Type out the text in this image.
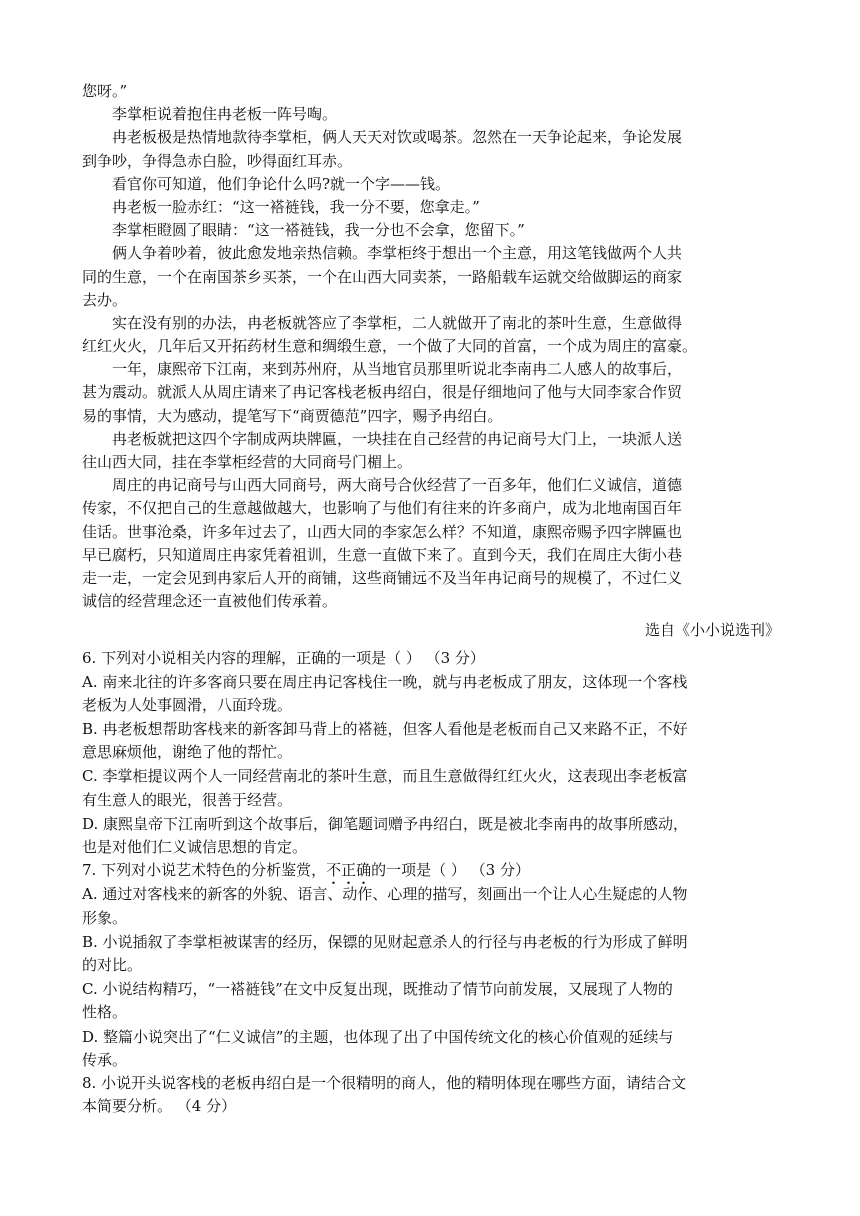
您呀。”
李掌柜说着抱住冉老板一阵号啕。
冉老板极是热情地款待李掌柜，俩人天天对饮或喝茶。忽然在一天争论起来，争论发展
到争吵，争得急赤白脸，吵得面红耳赤。
看官你可知道，他们争论什么吗?就一个字——钱。
冉老板一脸赤红：“这一褡裢钱，我一分不要，您拿走。”
李掌柜瞪圆了眼睛：“这一褡裢钱，我一分也不会拿，您留下。”
俩人争着吵着，彼此愈发地亲热信赖。李掌柜终于想出一个主意，用这笔钱做两个人共
同的生意，一个在南国茶乡买茶，一个在山西大同卖茶，一路船载车运就交给做脚运的商家
去办。
实在没有别的办法，冉老板就答应了李掌柜，二人就做开了南北的茶叶生意，生意做得
红红火火，几年后又开拓药材生意和绸缎生意，一个做了大同的首富，一个成为周庄的富豪。
一年，康熙帝下江南，来到苏州府，从当地官员那里听说北李南冉二人感人的故事后，
甚为震动。就派人从周庄请来了冉记客栈老板冉绍白，很是仔细地问了他与大同李家合作贸
易的事情，大为感动，提笔写下“商贾德范”四字，赐予冉绍白。
冉老板就把这四个字制成两块牌匾，一块挂在自己经营的冉记商号大门上，一块派人送
往山西大同，挂在李掌柜经营的大同商号门楣上。
周庄的冉记商号与山西大同商号，两大商号合伙经营了一百多年，他们仁义诚信，道德
传家，不仅把自己的生意越做越大，也影响了与他们有往来的许多商户，成为北地南国百年
佳话。世事沧桑，许多年过去了，山西大同的李家怎么样？不知道，康熙帝赐予四字牌匾也
早已腐朽，只知道周庄冉家凭着祖训，生意一直做下来了。直到今天，我们在周庄大街小巷
走一走，一定会见到冉家后人开的商铺，这些商铺远不及当年冉记商号的规模了，不过仁义
诚信的经营理念还一直被他们传承着。
选自《小小说选刊》
6. 下列对小说相关内容的理解，正确的一项是（ ） （3 分）
A. 南来北往的许多客商只要在周庄冉记客栈住一晚，就与冉老板成了朋友，这体现一个客栈
老板为人处事圆滑，八面玲珑。
B. 冉老板想帮助客栈来的新客卸马背上的褡裢，但客人看他是老板而自己又来路不正，不好
意思麻烦他，谢绝了他的帮忙。
C. 李掌柜提议两个人一同经营南北的茶叶生意，而且生意做得红红火火，这表现出李老板富
有生意人的眼光，很善于经营。
D. 康熙皇帝下江南听到这个故事后，御笔题词赠予冉绍白，既是被北李南冉的故事所感动，
也是对他们仁义诚信思想的肯定。
7. 下列对小说艺术特色的分析鉴赏，不正确的一项是（ ） （3 分）
A. 通过对客栈来的新客的外貌、语言、动作、心理的描写，刻画出一个让人心生疑虑的人物
形象。
B. 小说插叙了李掌柜被谋害的经历，保镖的见财起意杀人的行径与冉老板的行为形成了鲜明
的对比。
C. 小说结构精巧，“一褡裢钱”在文中反复出现，既推动了情节向前发展，又展现了人物的
性格。
D. 整篇小说突出了“仁义诚信”的主题，也体现了出了中国传统文化的核心价值观的延续与
传承。
8. 小说开头说客栈的老板冉绍白是一个很精明的商人，他的精明体现在哪些方面，请结合文
本简要分析。 （4 分）
